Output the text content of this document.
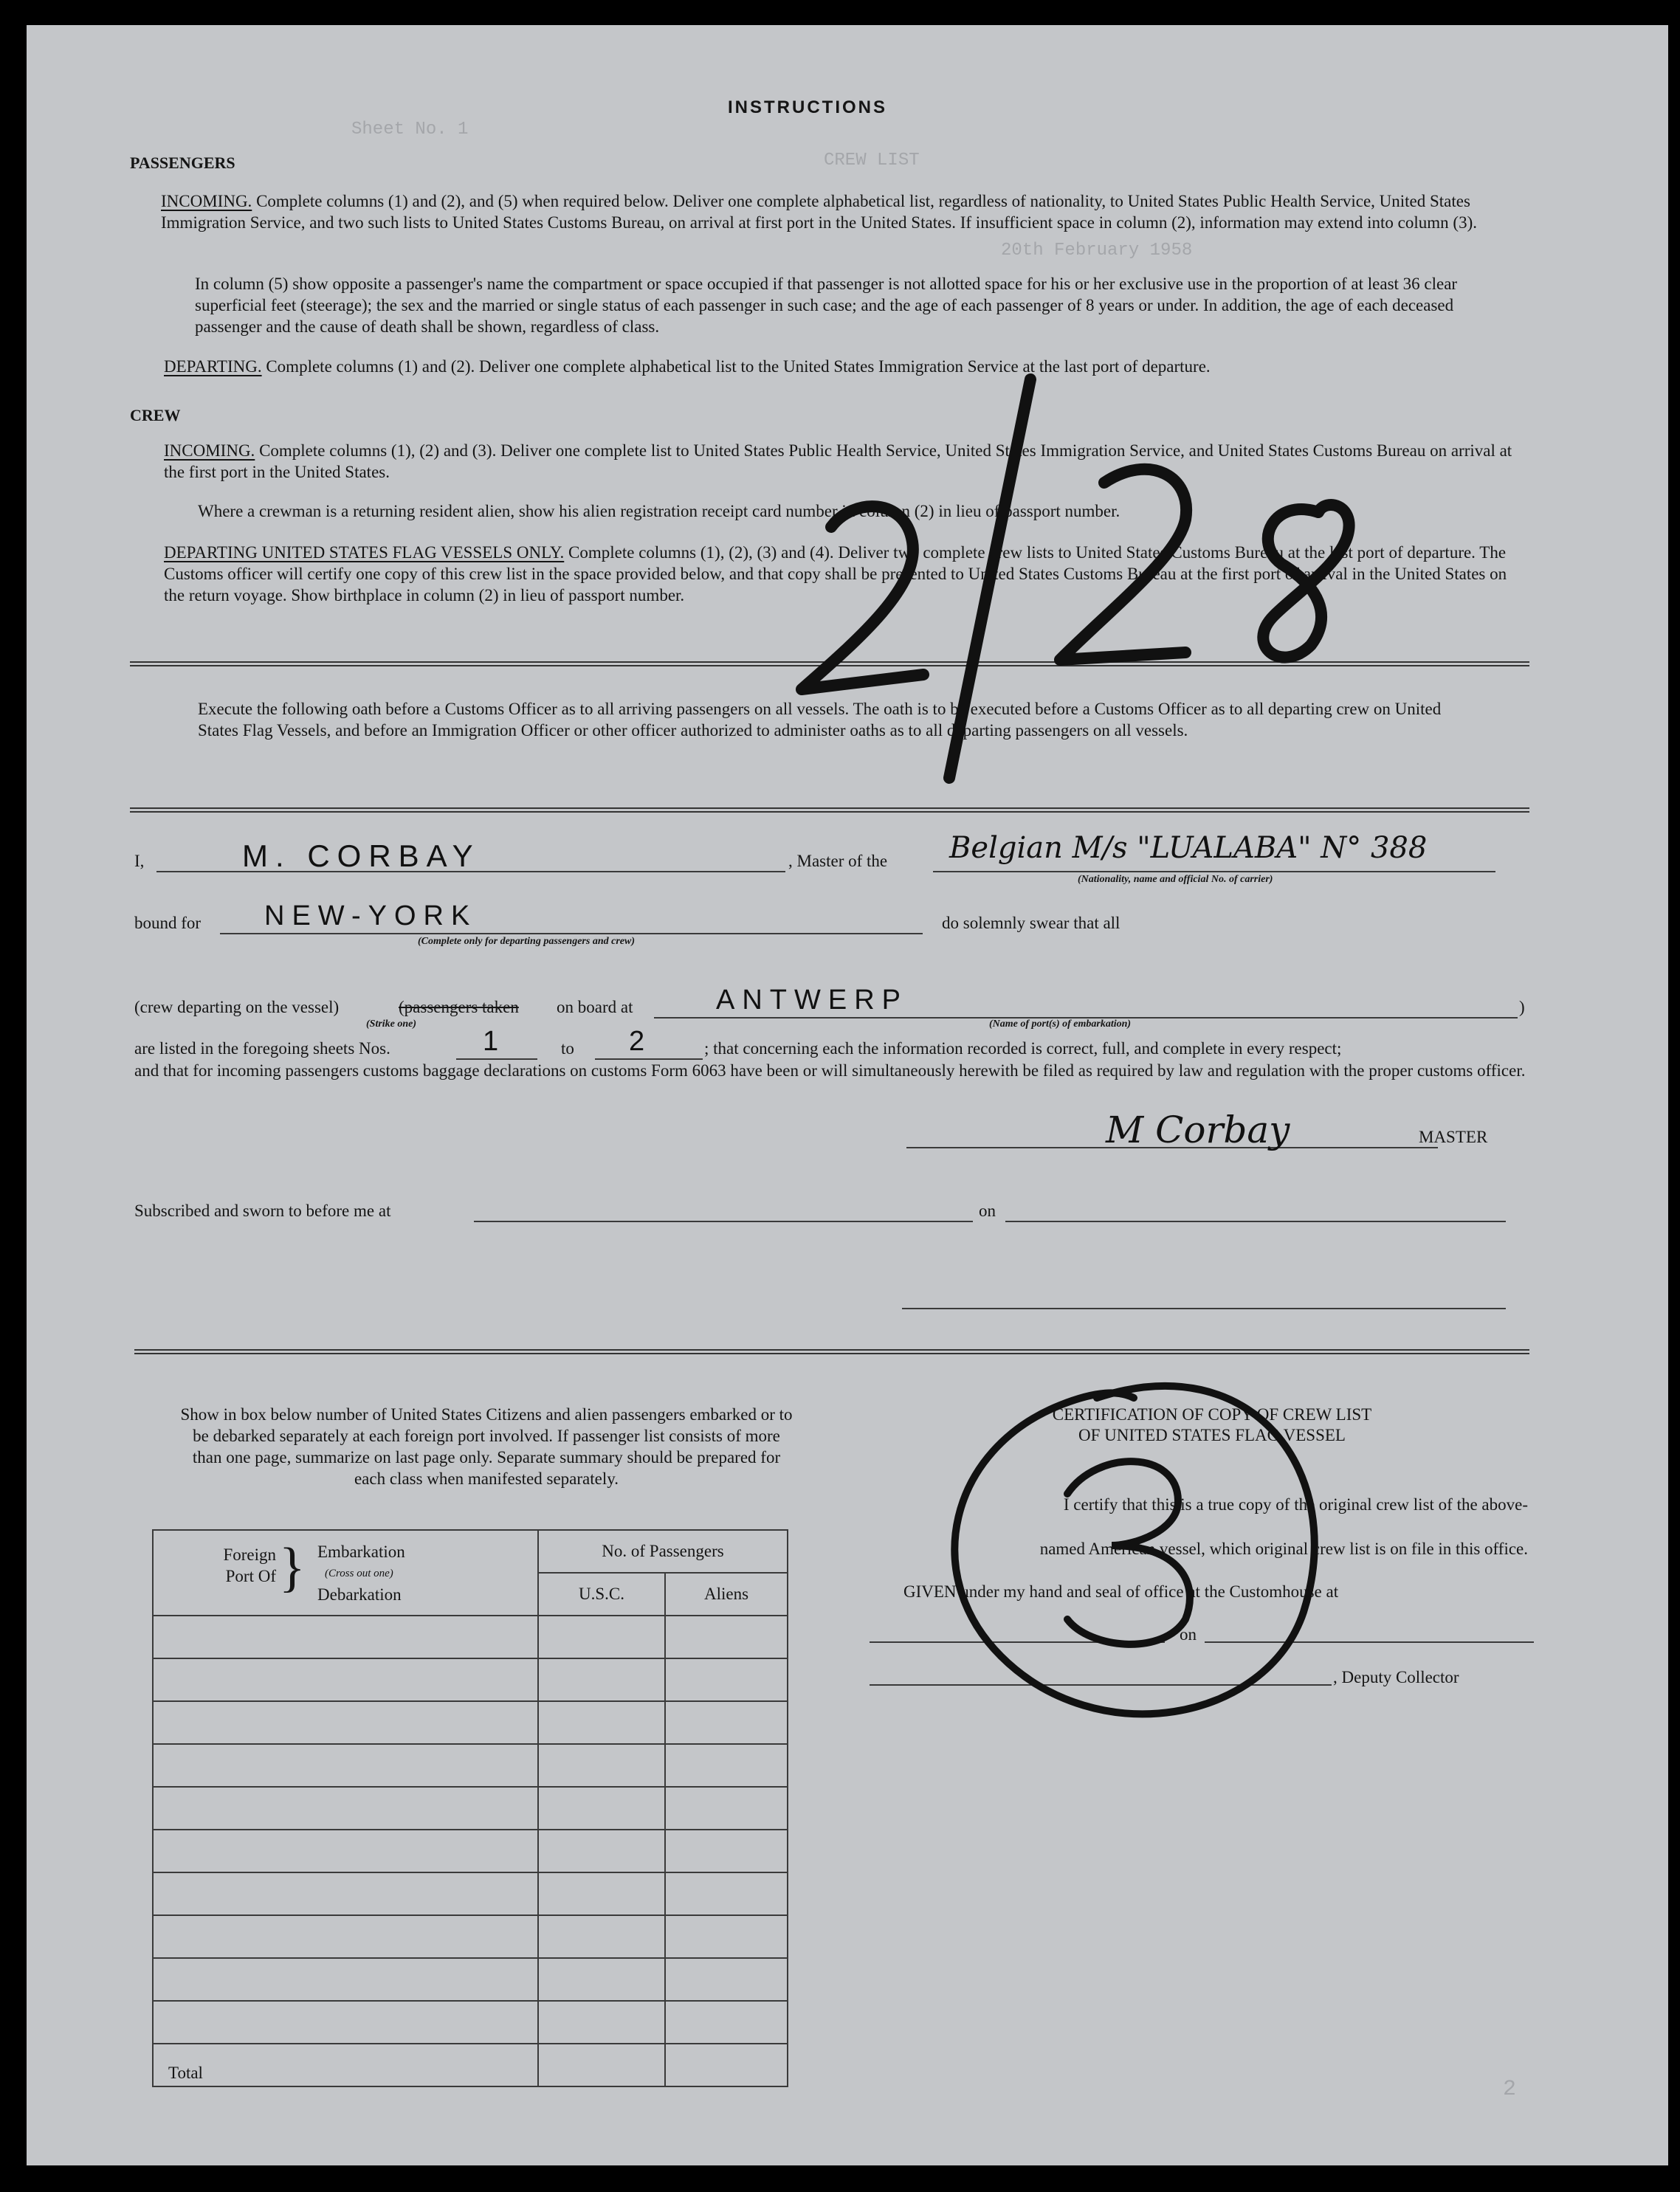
Sheet No. 1
CREW LIST
20th February 1958
2
INSTRUCTIONS
PASSENGERS

INCOMING. Complete columns (1) and (2), and (5) when required below. Deliver one complete alphabetical list, regardless of nationality, to United States Public Health Service, United States Immigration Service, and two such lists to United States Customs Bureau, on arrival at first port in the United States. If insufficient space in column (2), information may extend into column (3).

In column (5) show opposite a passenger's name the compartment or space occupied if that passenger is not allotted space for his or her exclusive use in the proportion of at least 36 clear superficial feet (steerage); the sex and the married or single status of each passenger in such case; and the age of each passenger of 8 years or under. In addition, the age of each deceased passenger and the cause of death shall be shown, regardless of class.
DEPARTING. Complete columns (1) and (2). Deliver one complete alphabetical list to the United States Immigration Service at the last port of departure.
CREW
INCOMING. Complete columns (1), (2) and (3). Deliver one complete list to United States Public Health Service, United States Immigration Service, and United States Customs Bureau on arrival at the first port in the United States.
Where a crewman is a returning resident alien, show his alien registration receipt card number in column (2) in lieu of passport number.
DEPARTING UNITED STATES FLAG VESSELS ONLY. Complete columns (1), (2), (3) and (4). Deliver two complete crew lists to United States Customs Bureau at the last port of departure. The Customs officer will certify one copy of this crew list in the space provided below, and that copy shall be presented to United States Customs Bureau at the first port of arrival in the United States on the return voyage. Show birthplace in column (2) in lieu of passport number.
Execute the following oath before a Customs Officer as to all arriving passengers on all vessels. The oath is to be executed before a Customs Officer as to all departing crew on United States Flag Vessels, and before an Immigration Officer or other officer authorized to administer oaths as to all departing passengers on all vessels.
I,	M. CORBAY	, Master of the Belgian M/s "LUALABA" N° 388
(Nationality, name and official No. of carrier)
bound for NEW-YORK
(Complete only for departing passengers and crew)
do solemnly swear that all
(crew departing on the vessel)	(passengers taken on board at
(Strike one)
ANTWERP
(Name of port(s) of embarkation)
)
are listed in the foregoing sheets Nos.	1	to 2	; that concerning each the information recorded is correct, full, and complete in every respect;
and that for incoming passengers customs baggage declarations on customs Form 6063 have been or will simultaneously herewith be filed as required by law and regulation with the proper customs officer.
M Corbay	MASTER
Subscribed and sworn to before me at	on
Show in box below number of United States Citizens and alien passengers embarked or to be debarked separately at each foreign port involved. If passenger list consists of more than one page, summarize on last page only. Separate summary should be prepared for each class when manifested separately.
Foreign Port Of } Embarkation
(Cross out one)
Debarkation	No. of Passengers	
	U.S.C.	Aliens

Total		
CERTIFICATION OF COPY OF CREW LIST
OF UNITED STATES FLAG VESSEL
I certify that this is a true copy of the original crew list of the above-
named American vessel, which original crew list is on file in this office.
GIVEN under my hand and seal of office at the Customhouse at
on
, Deputy Collector
